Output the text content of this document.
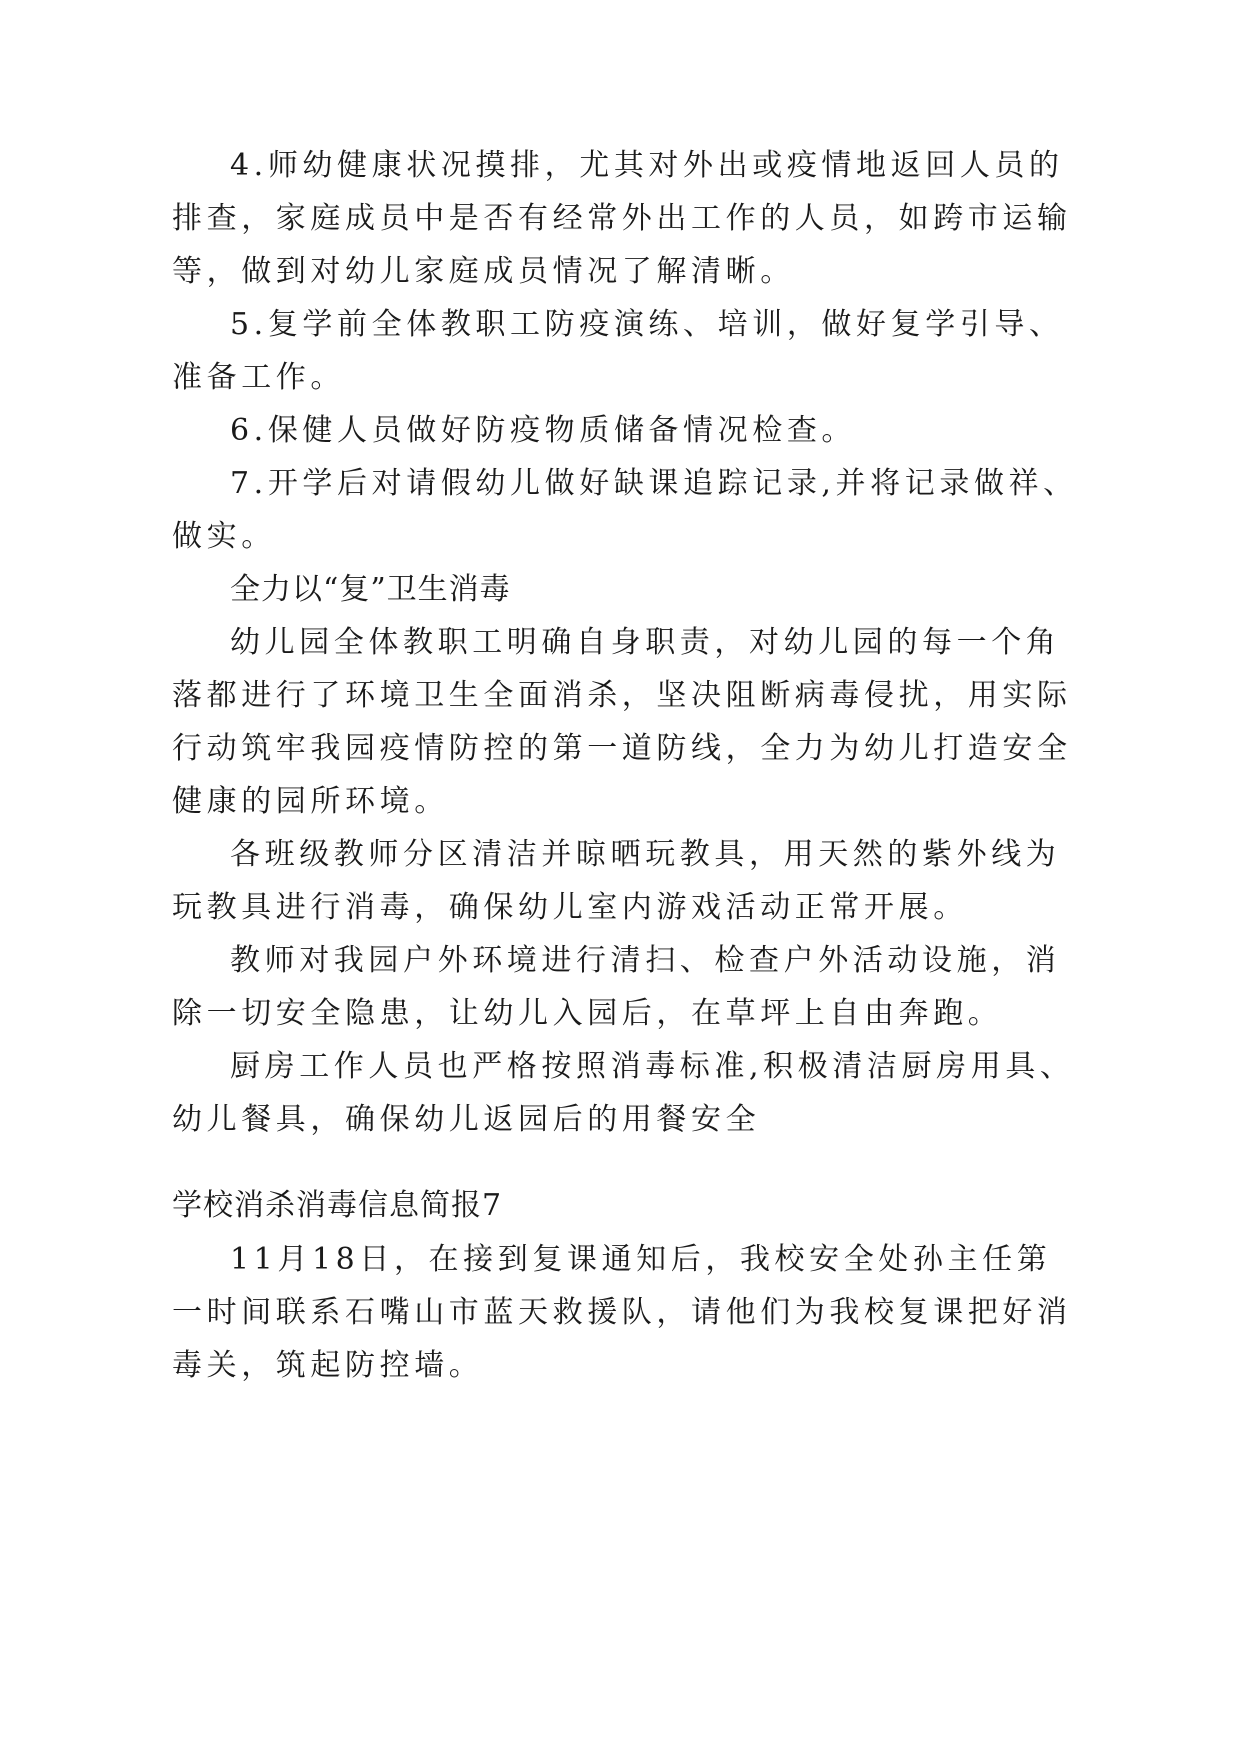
4.师幼健康状况摸排，尤其对外出或疫情地返回人员的
排查，家庭成员中是否有经常外出工作的人员，如跨市运输
等，做到对幼儿家庭成员情况了解清晰。
5.复学前全体教职工防疫演练、培训，做好复学引导、
准备工作。
6.保健人员做好防疫物质储备情况检查。
7.开学后对请假幼儿做好缺课追踪记录,并将记录做祥、
做实。
全力以“复”卫生消毒
幼儿园全体教职工明确自身职责，对幼儿园的每一个角
落都进行了环境卫生全面消杀，坚决阻断病毒侵扰，用实际
行动筑牢我园疫情防控的第一道防线，全力为幼儿打造安全
健康的园所环境。
各班级教师分区清洁并晾晒玩教具，用天然的紫外线为
玩教具进行消毒，确保幼儿室内游戏活动正常开展。
教师对我园户外环境进行清扫、检查户外活动设施，消
除一切安全隐患，让幼儿入园后，在草坪上自由奔跑。
厨房工作人员也严格按照消毒标准,积极清洁厨房用具、
幼儿餐具，确保幼儿返园后的用餐安全
学校消杀消毒信息简报7
11月18日，在接到复课通知后，我校安全处孙主任第
一时间联系石嘴山市蓝天救援队，请他们为我校复课把好消
毒关，筑起防控墙。
